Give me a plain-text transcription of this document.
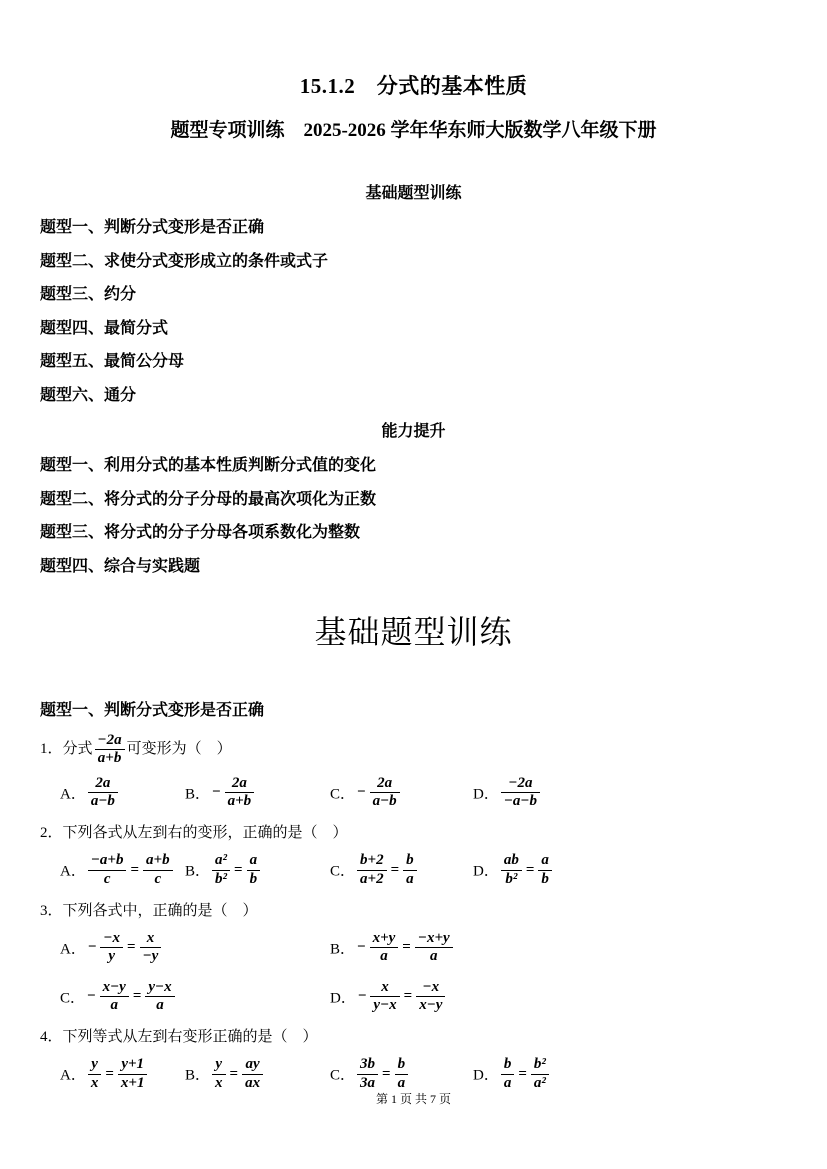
15.1.2　分式的基本性质
题型专项训练　2025-2026 学年华东师大版数学八年级下册
基础题型训练
题型一、判断分式变形是否正确
题型二、求使分式变形成立的条件或式子
题型三、约分
题型四、最简分式
题型五、最简公分母
题型六、通分
能力提升
题型一、利用分式的基本性质判断分式值的变化
题型二、将分式的分子分母的最高次项化为正数
题型三、将分式的分子分母各项系数化为整数
题型四、综合与实践题
基础题型训练
题型一、判断分式变形是否正确
1．分式 $\frac{-2a}{a+b}$ 可变形为（　）
A． $\frac{2a}{a-b}$	B． − $\frac{2a}{a+b}$	C． − $\frac{2a}{a-b}$	D． $\frac{-2a}{-a-b}$
2．下列各式从左到右的变形，正确的是（　）
A． $\frac{-a+b}{c} = \frac{a+b}{c}$ B． $\frac{\text{a²}}{\text{b²}} = \frac{a}{b}$	C． $\frac{b+2}{a+2} = \frac{b}{a}$	D． $\frac{ab}{\text{b²}} = \frac{a}{b}$
3．下列各式中，正确的是（　）
A． − $\frac{-x}{y} = \frac{x}{-y}$	B． − $\frac{x+y}{a} = \frac{-x+y}{a}$
C． − $\frac{x-y}{a} = \frac{y-x}{a}$	D． − $\frac{x}{y-x} = \frac{-x}{x-y}$
4．下列等式从左到右变形正确的是（　）
A． $\frac{y}{x} = \frac{y+1}{x+1}$	B． $\frac{y}{x} = \frac{ay}{ax}$	C． $\frac{3b}{3a} = \frac{b}{a}$	D． $\frac{b}{a} = \frac{\text{b²}}{\text{a²}}$
第 1 页 共 7 页
